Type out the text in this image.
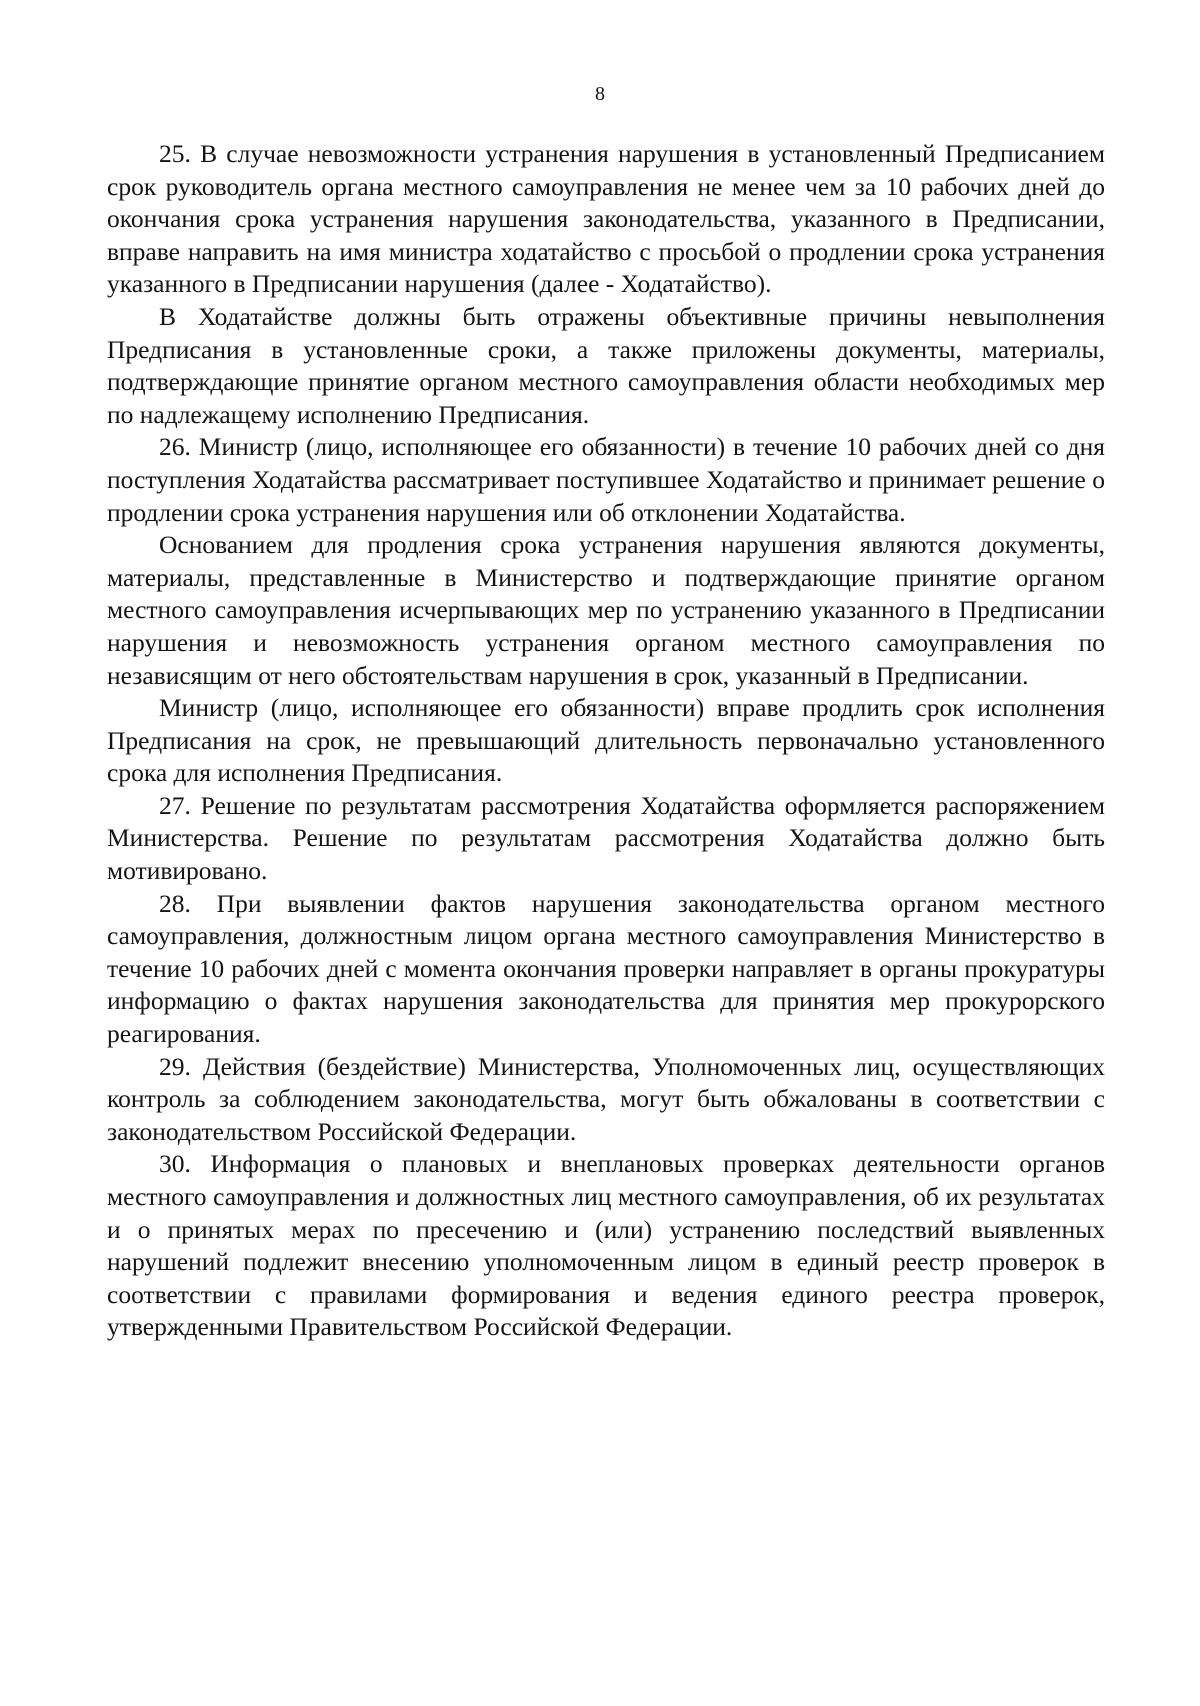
8

25. В случае невозможности устранения нарушения в установленный Предписанием срок руководитель органа местного самоуправления не менее чем за 10 рабочих дней до окончания срока устранения нарушения законодательства, указанного в Предписании, вправе направить на имя министра ходатайство с просьбой о продлении срока устранения указанного в Предписании нарушения (далее - Ходатайство).

В Ходатайстве должны быть отражены объективные причины невыполнения Предписания в установленные сроки, а также приложены документы, материалы, подтверждающие принятие органом местного самоуправления области необходимых мер по надлежащему исполнению Предписания.

26. Министр (лицо, исполняющее его обязанности) в течение 10 рабочих дней со дня поступления Ходатайства рассматривает поступившее Ходатайство и принимает решение о продлении срока устранения нарушения или об отклонении Ходатайства.

Основанием для продления срока устранения нарушения являются документы, материалы, представленные в Министерство и подтверждающие принятие органом местного самоуправления исчерпывающих мер по устранению указанного в Предписании нарушения и невозможность устранения органом местного самоуправления по независящим от него обстоятельствам нарушения в срок, указанный в Предписании.

Министр (лицо, исполняющее его обязанности) вправе продлить срок исполнения Предписания на срок, не превышающий длительность первоначально установленного срока для исполнения Предписания.

27. Решение по результатам рассмотрения Ходатайства оформляется распоряжением Министерства. Решение по результатам рассмотрения Ходатайства должно быть мотивировано.

28. При выявлении фактов нарушения законодательства органом местного самоуправления, должностным лицом органа местного самоуправления Министерство в течение 10 рабочих дней с момента окончания проверки направляет в органы прокуратуры информацию о фактах нарушения законодательства для принятия мер прокурорского реагирования.

29. Действия (бездействие) Министерства, Уполномоченных лиц, осуществляющих контроль за соблюдением законодательства, могут быть обжалованы в соответствии с законодательством Российской Федерации.

30. Информация о плановых и внеплановых проверках деятельности органов местного самоуправления и должностных лиц местного самоуправления, об их результатах и о принятых мерах по пресечению и (или) устранению последствий выявленных нарушений подлежит внесению уполномоченным лицом в единый реестр проверок в соответствии с правилами формирования и ведения единого реестра проверок, утвержденными Правительством Российской Федерации.
